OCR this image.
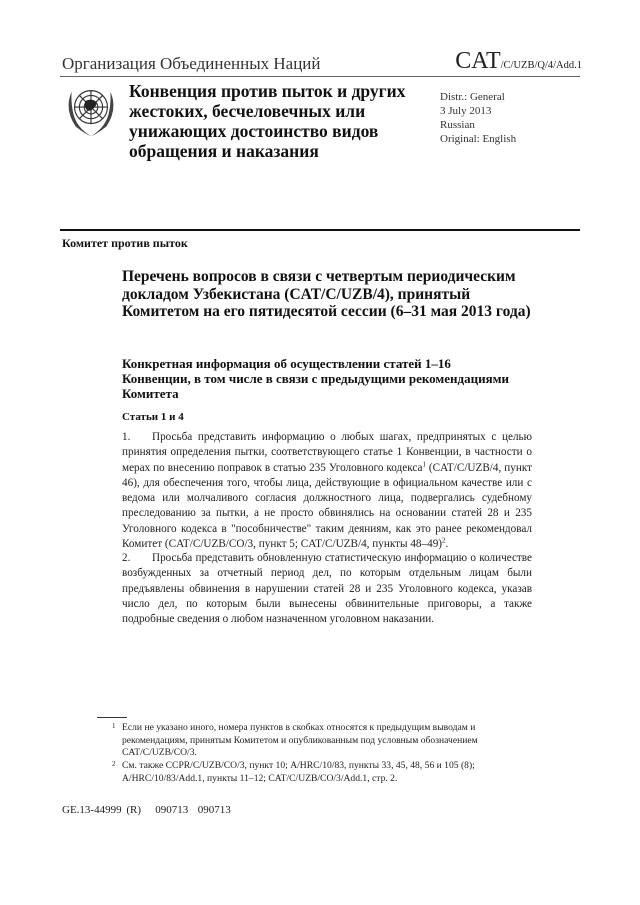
Организация Объединенных Наций	CAT/C/UZB/Q/4/Add.1
Конвенция против пыток и других жестоких, бесчеловечных или унижающих достоинство видов обращения и наказания
Distr.: General
3 July 2013
Russian
Original: English
Комитет против пыток
Перечень вопросов в связи с четвертым периодическим докладом Узбекистана (CAT/C/UZB/4), принятый Комитетом на его пятидесятой сессии (6–31 мая 2013 года)
Конкретная информация об осуществлении статей 1–16 Конвенции, в том числе в связи с предыдущими рекомендациями Комитета
Статьи 1 и 4
1. Просьба представить информацию о любых шагах, предпринятых с целью принятия определения пытки, соответствующего статье 1 Конвенции, в частности о мерах по внесению поправок в статью 235 Уголовного кодекса$^1$ (CAT/C/UZB/4, пункт 46), для обеспечения того, чтобы лица, действующие в официальном качестве или с ведома или молчаливого согласия должностного лица, подвергались судебному преследованию за пытки, а не просто обвинялись на основании статей 28 и 235 Уголовного кодекса в "пособничестве" таким деяниям, как это ранее рекомендовал Комитет (CAT/C/UZB/CO/3, пункт 5; CAT/C/UZB/4, пункты 48–49)$^2$.
2. Просьба представить обновленную статистическую информацию о количестве возбужденных за отчетный период дел, по которым отдельным лицам были предъявлены обвинения в нарушении статей 28 и 235 Уголовного кодекса, указав число дел, по которым были вынесены обвинительные приговоры, а также подробные сведения о любом назначенном уголовном наказании.
1 Если не указано иного, номера пунктов в скобках относятся к предыдущим выводам и рекомендациям, принятым Комитетом и опубликованным под условным обозначением CAT/C/UZB/CO/3.
2 См. также CCPR/C/UZB/CO/3, пункт 10; A/HRC/10/83, пункты 33, 45, 48, 56 и 105 (8); A/HRC/10/83/Add.1, пункты 11–12; CAT/C/UZB/CO/3/Add.1, стр. 2.
GE.13-44999 (R)   090713  090713
